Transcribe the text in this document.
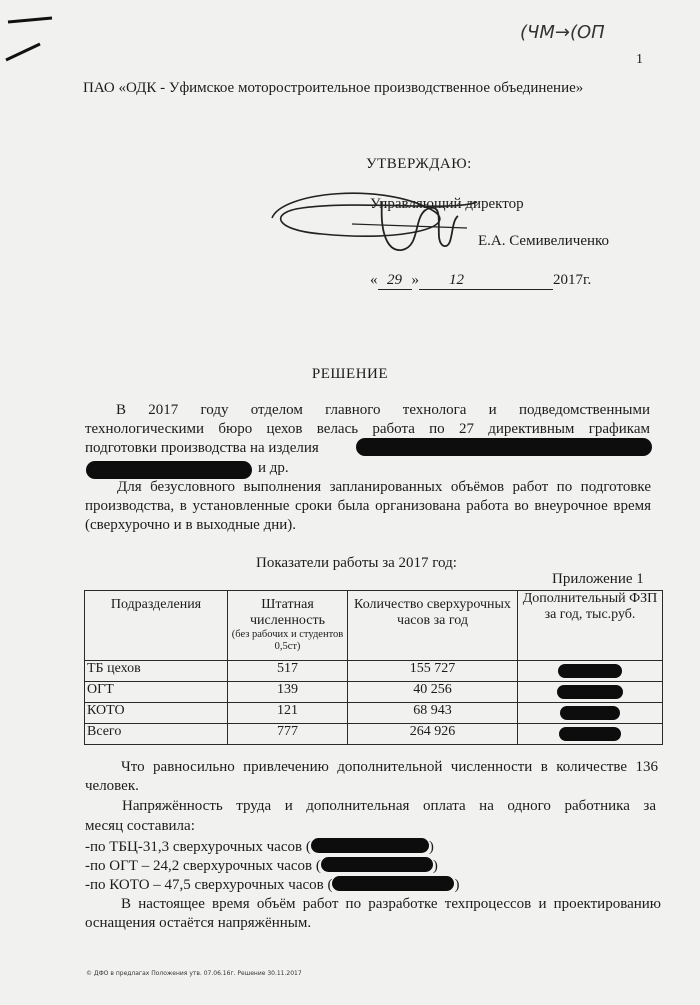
(ЧМ→(ОП
1
ПАО «ОДК - Уфимское моторостроительное производственное объединение»
УТВЕРЖДАЮ:
Управляющий директор
Е.А. Семивеличенко
« 29 » 12	2017г.
РЕШЕНИЕ
В 2017 году отделом главного технолога и подведомственными
технологическими бюро цехов велась работа по 27 директивным графикам
подготовки производства на изделия
и др.
Для безусловного выполнения запланированных объёмов работ по подготовке производства, в установленные сроки была организована работа во внеурочное время (сверхурочно и в выходные дни).
Показатели работы за 2017 год:
Приложение 1
Подразделения	Штатная численность
(без рабочих и студентов 0,5ст)	Количество сверхурочных часов за год	Дополнительный ФЗП за год, тыс.руб.
ТБ цехов	517	155 727	

ОГТ	139	40 256	

КОТО	121	68 943	

Всего	777	264 926	
Что равносильно привлечению дополнительной численности в количестве 136 человек.
Напряжённость труда и дополнительная оплата на одного работника за
месяц составила:
-по ТБЦ-31,3 сверхурочных часов (	)
-по ОГТ – 24,2 сверхурочных часов (	)
-по КОТО – 47,5 сверхурочных часов (	)
В настоящее время объём работ по разработке техпроцессов и проектированию оснащения остаётся напряжённым.
© ДФО в предлагах Положения утв. 07.06.16г. Решение 30.11.2017
